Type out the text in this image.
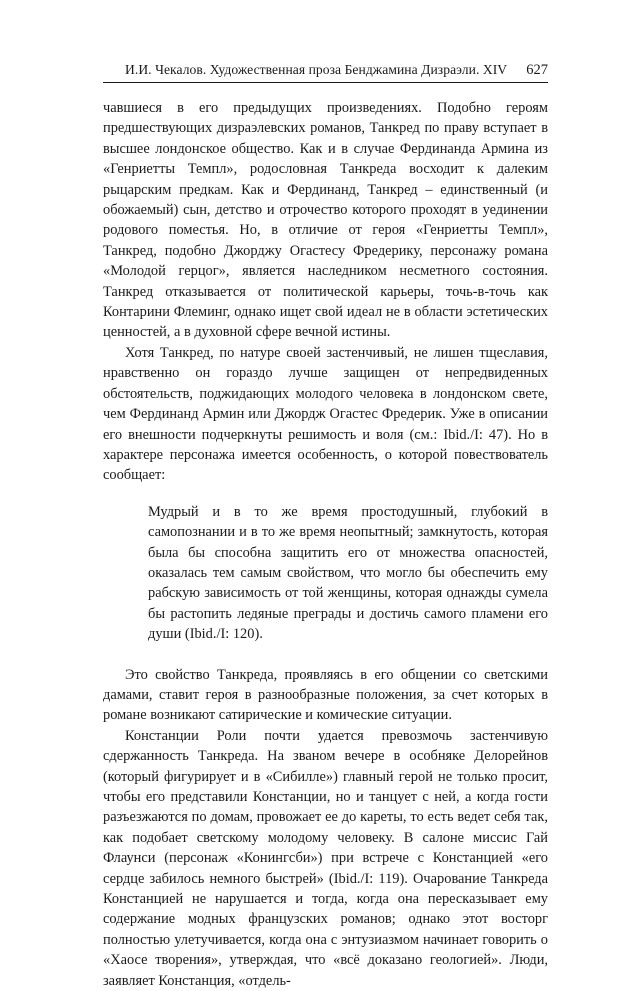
И.И. Чекалов. Художественная проза Бенджамина Дизраэли. XIV 627

чавшиеся в его предыдущих произведениях. Подобно героям предшествующих дизраэлевских романов, Танкред по праву вступает в высшее лондонское общество. Как и в случае Фердинанда Армина из «Генриетты Темпл», родословная Танкреда восходит к далеким рыцарским предкам. Как и Фердинанд, Танкред – единственный (и обожаемый) сын, детство и отрочество которого проходят в уединении родового поместья. Но, в отличие от героя «Генриетты Темпл», Танкред, подобно Джорджу Огастесу Фредерику, персонажу романа «Молодой герцог», является наследником несметного состояния. Танкред отказывается от политической карьеры, точь-в-точь как Контарини Флеминг, однако ищет свой идеал не в области эстетических ценностей, а в духовной сфере вечной истины.

Хотя Танкред, по натуре своей застенчивый, не лишен тщеславия, нравственно он гораздо лучше защищен от непредвиденных обстоятельств, поджидающих молодого человека в лондонском свете, чем Фердинанд Армин или Джордж Огастес Фредерик. Уже в описании его внешности подчеркнуты решимость и воля (см.: Ibid./I: 47). Но в характере персонажа имеется особенность, о которой повествователь сообщает:

Мудрый и в то же время простодушный, глубокий в самопознании и в то же время неопытный; замкнутость, которая была бы способна защитить его от множества опасностей, оказалась тем самым свойством, что могло бы обеспечить ему рабскую зависимость от той женщины, которая однажды сумела бы растопить ледяные преграды и достичь самого пламени его души (Ibid./I: 120).

Это свойство Танкреда, проявляясь в его общении со светскими дамами, ставит героя в разнообразные положения, за счет которых в романе возникают сатирические и комические ситуации.

Констанции Роли почти удается превозмочь застенчивую сдержанность Танкреда. На званом вечере в особняке Делорейнов (который фигурирует и в «Сибилле») главный герой не только просит, чтобы его представили Констанции, но и танцует с ней, а когда гости разъезжаются по домам, провожает ее до кареты, то есть ведет себя так, как подобает светскому молодому человеку. В салоне миссис Гай Флаунси (персонаж «Конингсби») при встрече с Констанцией «его сердце забилось немного быстрей» (Ibid./I: 119). Очарование Танкреда Констанцией не нарушается и тогда, когда она пересказывает ему содержание модных французских романов; однако этот восторг полностью улетучивается, когда она с энтузиазмом начинает говорить о «Хаосе творения», утверждая, что «всё доказано геологией». Люди, заявляет Констанция, «отдель-
